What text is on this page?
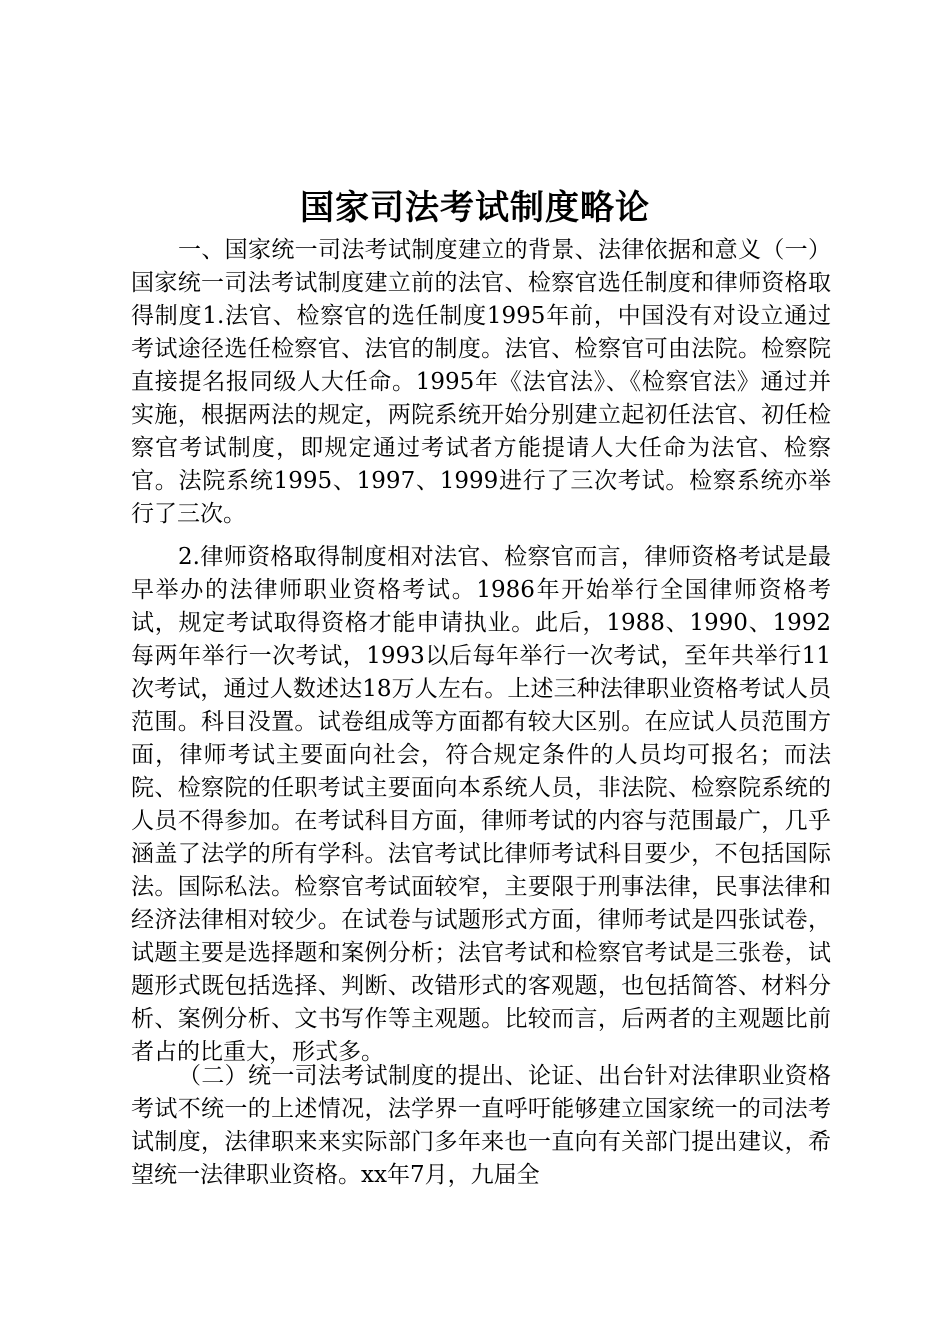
国家司法考试制度略论

一、国家统一司法考试制度建立的背景、法律依据和意义（一）国家统一司法考试制度建立前的法官、检察官选任制度和律师资格取得制度1.法官、检察官的选任制度1995年前，中国没有对设立通过考试途径选任检察官、法官的制度。法官、检察官可由法院。检察院直接提名报同级人大任命。1995年《法官法》、《检察官法》通过并实施，根据两法的规定，两院系统开始分别建立起初任法官、初任检察官考试制度，即规定通过考试者方能提请人大任命为法官、检察官。法院系统1995、1997、1999进行了三次考试。检察系统亦举行了三次。

2.律师资格取得制度相对法官、检察官而言，律师资格考试是最早举办的法律师职业资格考试。1986年开始举行全国律师资格考试，规定考试取得资格才能申请执业。此后，1988、1990、1992每两年举行一次考试，1993以后每年举行一次考试，至年共举行11次考试，通过人数述达18万人左右。上述三种法律职业资格考试人员范围。科目没置。试卷组成等方面都有较大区别。在应试人员范围方面，律师考试主要面向社会，符合规定条件的人员均可报名；而法院、检察院的任职考试主要面向本系统人员，非法院、检察院系统的人员不得参加。在考试科目方面，律师考试的内容与范围最广，几乎涵盖了法学的所有学科。法官考试比律师考试科目要少，不包括国际法。国际私法。检察官考试面较窄，主要限于刑事法律，民事法律和经济法律相对较少。在试卷与试题形式方面，律师考试是四张试卷，试题主要是选择题和案例分析；法官考试和检察官考试是三张卷，试题形式既包括选择、判断、改错形式的客观题，也包括简答、材料分析、案例分析、文书写作等主观题。比较而言，后两者的主观题比前者占的比重大，形式多。

（二）统一司法考试制度的提出、论证、出台针对法律职业资格考试不统一的上述情况，法学界一直呼吁能够建立国家统一的司法考试制度，法律职来来实际部门多年来也一直向有关部门提出建议，希望统一法律职业资格。xx年7月，九届全
